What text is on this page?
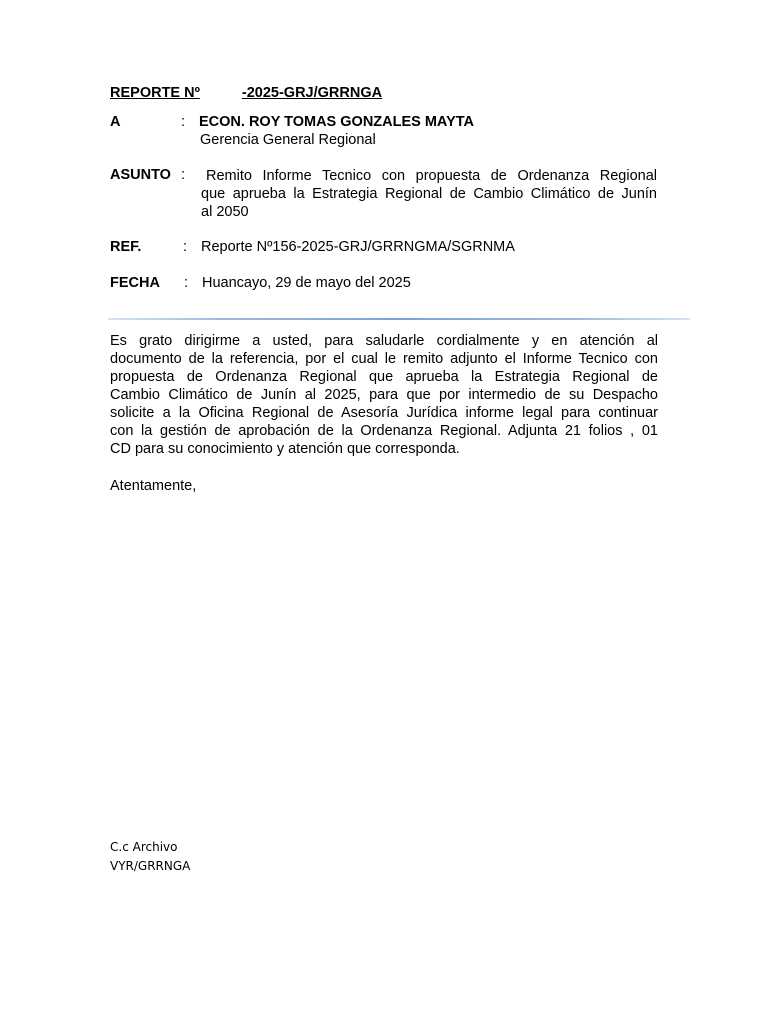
REPORTE Nº	-2025-GRJ/GRRNGA
A	: ECON. ROY TOMAS GONZALES MAYTA
Gerencia General Regional
ASUNTO :	Remito Informe Tecnico con propuesta de Ordenanza Regional
que aprueba la Estrategia Regional de Cambio Climático de Junín
al 2050
REF.	: Reporte Nº156-2025-GRJ/GRRNGMA/SGRNMA
FECHA : Huancayo, 29 de mayo del 2025
Es grato dirigirme a usted, para saludarle cordialmente y en atención al
documento de la referencia, por el cual le remito adjunto el Informe Tecnico con
propuesta de Ordenanza Regional que aprueba la Estrategia Regional de
Cambio Climático de Junín al 2025, para que por intermedio de su Despacho
solicite a la Oficina Regional de Asesoría Jurídica informe legal para continuar
con la gestión de aprobación de la Ordenanza Regional. Adjunta 21 folios , 01
CD para su conocimiento y atención que corresponda.
Atentamente,
C.c Archivo
VYR/GRRNGA
